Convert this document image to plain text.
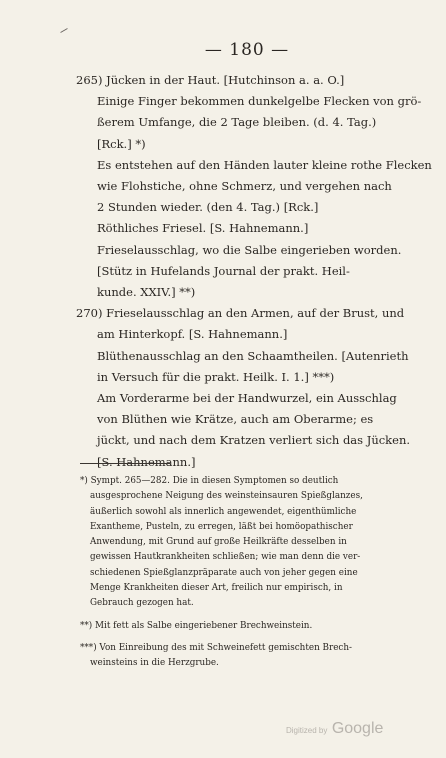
— 180 —

265) Jücken in der Haut. [Hutchinson a. a. O.]
Einige Finger bekommen dunkelgelbe Flecken von grö-
ßerem Umfange, die 2 Tage bleiben. (d. 4. Tag.)
[Rck.] *)

Es entstehen auf den Händen lauter kleine rothe Flecken
wie Flohstiche, ohne Schmerz, und vergehen nach
2 Stunden wieder. (den 4. Tag.) [Rck.]

Röthliches Friesel. [S. Hahnemann.]

Frieselausschlag, wo die Salbe eingerieben worden.
[Stütz in Hufelands Journal der prakt. Heil-
kunde. XXIV.] **)

270) Frieselausschlag an den Armen, auf der Brust, und
am Hinterkopf. [S. Hahnemann.]

Blüthenausschlag an den Schaamtheilen. [Autenrieth
in Versuch für die prakt. Heilk. I. 1.] ***)

Am Vorderarme bei der Handwurzel, ein Ausschlag
von Blüthen wie Krätze, auch am Oberarme; es
jückt, und nach dem Kratzen verliert sich das Jücken.
[S. Hahnemann.]

*) Sympt. 265—282. Die in diesen Symptomen so deutlich
ausgesprochene Neigung des weinsteinsauren Spießglanzes,
äußerlich sowohl als innerlich angewendet, eigenthümliche
Exantheme, Pusteln, zu erregen, läßt bei homöopathischer
Anwendung, mit Grund auf große Heilkräfte desselben in
gewissen Hautkrankheiten schließen; wie man denn die ver-
schiedenen Spießglanzpräparate auch von jeher gegen eine
Menge Krankheiten dieser Art, freilich nur empirisch, in
Gebrauch gezogen hat.

**) Mit fett als Salbe eingeriebener Brechweinstein.

***) Von Einreibung des mit Schweinefett gemischten Brech-
weinsteins in die Herzgrube.

Digitized by Google
